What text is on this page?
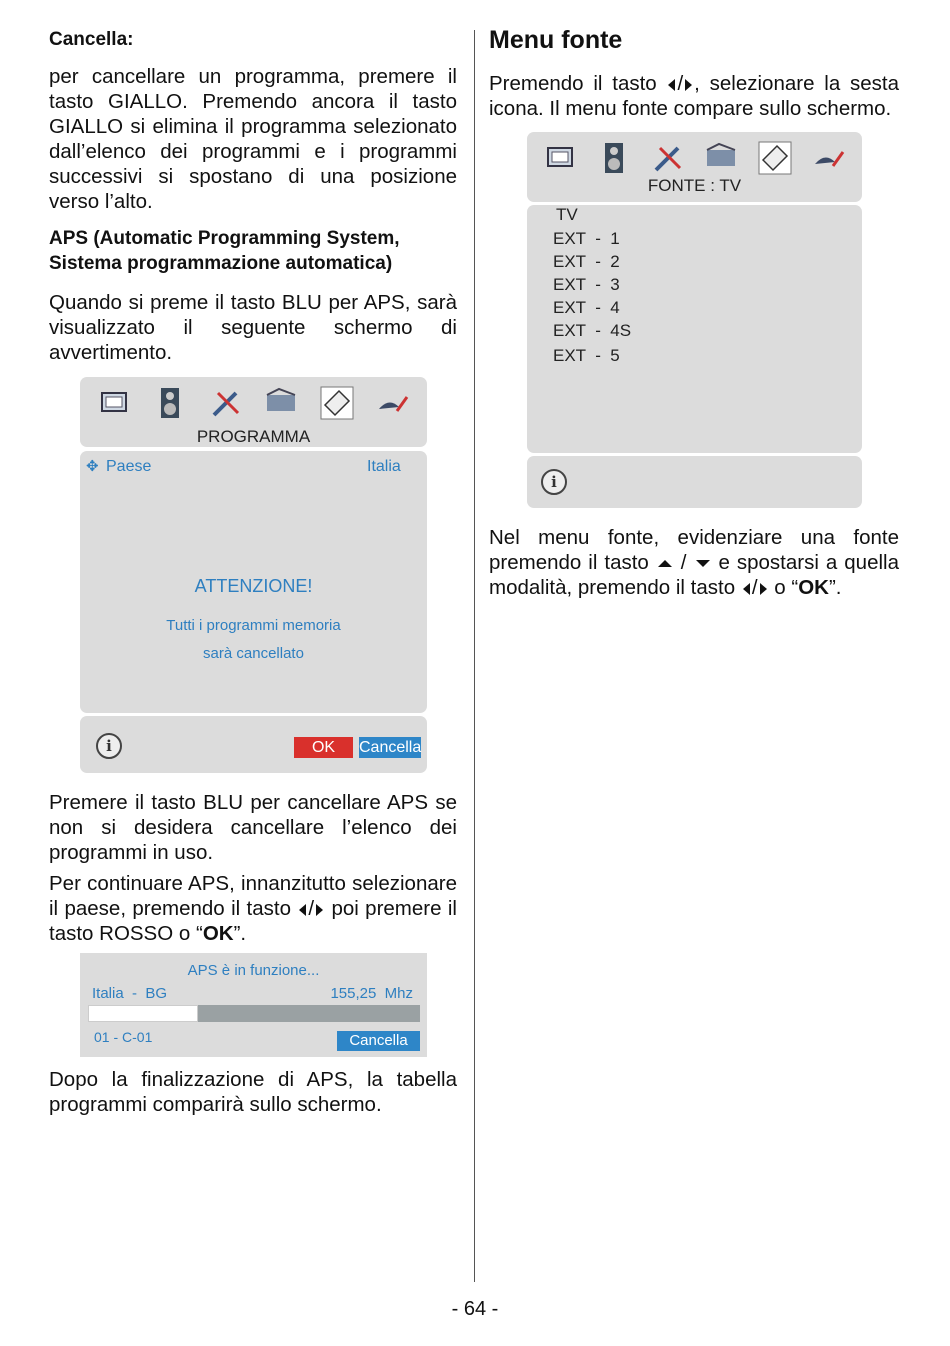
Cancella:

per cancellare un programma, premere il tasto GIALLO. Premendo ancora il tasto GIALLO si elimina il programma selezionato dall’elenco dei programmi e i programmi successivi si spostano di una posizione verso l’alto.

APS (Automatic Programming System,
Sistema programmazione automatica)

Quando si preme il tasto BLU per APS, sarà visualizzato il seguente schermo di avvertimento.

PROGRAMMA
✥ Paese	Italia
ATTENZIONE!
Tutti i programmi memoria
sarà cancellato
i	OK	Cancella

Premere il tasto BLU per cancellare APS se non si desidera cancellare l’elenco dei programmi in uso.

Per continuare APS, innanzitutto selezionare il paese, premendo il tasto / poi premere il tasto ROSSO o “OK”.

APS è in funzione...
Italia  -  BG	155,25  Mhz
01 - C-01	Cancella

Dopo la finalizzazione di APS, la tabella programmi comparirà sullo schermo.

Menu fonte

Premendo il tasto / , selezionare la sesta icona. Il menu fonte compare sullo schermo.

FONTE : TV
TV
EXT  -  1
EXT  -  2
EXT  -  3
EXT  -  4
EXT  -  4S
EXT  -  5
i

Nel menu fonte, evidenziare una fonte premendo il tasto  /  e spostarsi a quella modalità, premendo il tasto / o “OK”.

- 64 -
